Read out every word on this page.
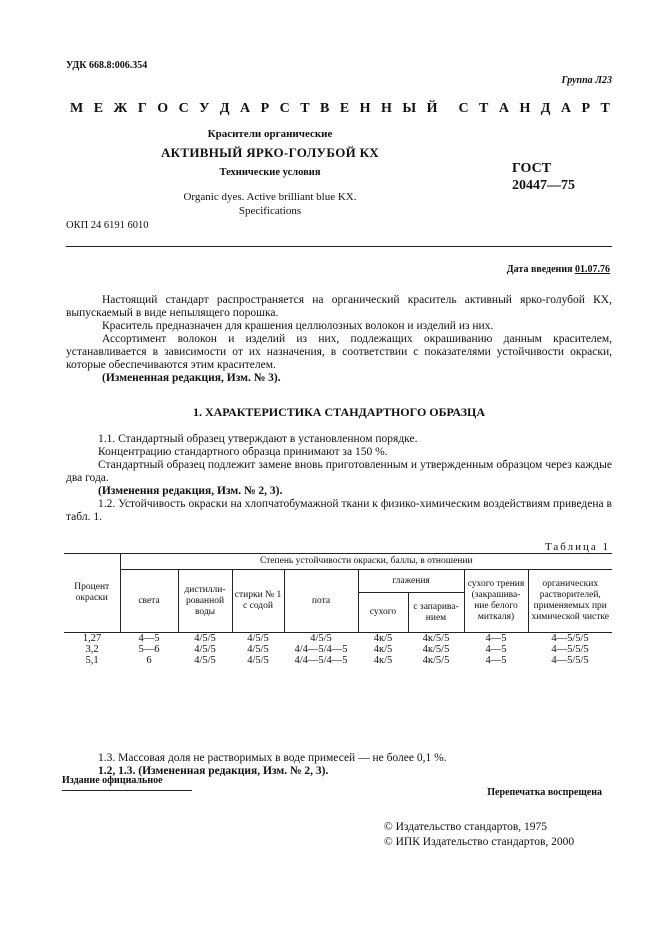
УДК 668.8:006.354
Группа Л23
М Е Ж Г О С У Д А Р С Т В Е Н Н Ы Й С Т А Н Д А Р Т
Красители органические
АКТИВНЫЙ ЯРКО-ГОЛУБОЙ КХ
Технические условия
Organic dyes. Active brilliant blue KX.
Specifications
ГОСТ
20447—75
ОКП 24 6191 6010
Дата введения 01.07.76

Настоящий стандарт распространяется на органический краситель активный ярко-голубой КХ, выпускаемый в виде непылящего порошка.

Краситель предназначен для крашения целлюлозных волокон и изделий из них.

Ассортимент волокон и изделий из них, подлежащих окрашиванию данным красителем, устанавливается в зависимости от их назначения, в соответствии с показателями устойчивости окраски, которые обеспечиваются этим красителем.

(Измененная редакция, Изм. № 3).

1. ХАРАКТЕРИСТИКА СТАНДАРТНОГО ОБРАЗЦА

1.1. Стандартный образец утверждают в установленном порядке.

Концентрацию стандартного образца принимают за 150 %.

Стандартный образец подлежит замене вновь приготовленным и утвержденным образцом через каждые два года.

(Изменения редакция, Изм. № 2, 3).

1.2. Устойчивость окраски на хлопчатобумажной ткани к физико-химическим воздействиям приведена в табл. 1.

Таблица 1
Процент окраски	Степень устойчивости окраски, баллы, в отношении							
	света	дистилли- рованной воды	стирки № 1 с содой	пота	глажения		сухого трения (закрашива- ние белого миткаля)	органических растворителей, применяемых при химической чистке
					сухого	с запарива- нием		
1,27	4—5	4/5/5	4/5/5	4/5/5	4к/5	4к/5/5	4—5	4—5/5/5
3,2	5—6	4/5/5	4/5/5	4/4—5/4—5	4к/5	4к/5/5	4—5	4—5/5/5
5,1	6	4/5/5	4/5/5	4/4—5/4—5	4к/5	4к/5/5	4—5	4—5/5/5

1.3. Массовая доля не растворимых в воде примесей — не более 0,1 %.

1.2, 1.3. (Измененная редакция, Изм. № 2, 3).

Издание официальное
Перепечатка воспрещена
© Издательство стандартов, 1975
© ИПК Издательство стандартов, 2000
